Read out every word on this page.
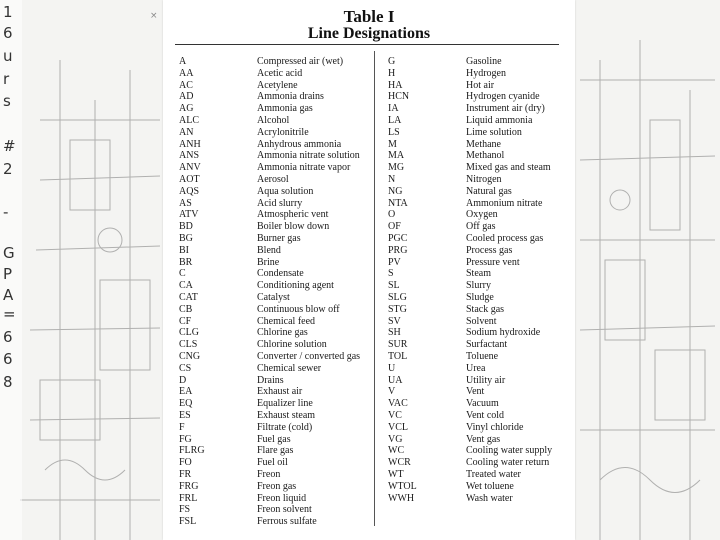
1
6
u
r
s
#
2
-
G
P
A
=
6
6
8
×	Table I
Line Designations
A	Compressed air (wet)
AA	Acetic acid
AC	Acetylene
AD	Ammonia drains
AG	Ammonia gas
ALC	Alcohol
AN	Acrylonitrile
ANH	Anhydrous ammonia
ANS	Ammonia nitrate solution
ANV	Ammonia nitrate vapor
AOT	Aerosol
AQS	Aqua solution
AS	Acid slurry
ATV	Atmospheric vent
BD	Boiler blow down
BG	Burner gas
BI	Blend
BR	Brine
C	Condensate
CA	Conditioning agent
CAT	Catalyst
CB	Continuous blow off
CF	Chemical feed
CLG	Chlorine gas
CLS	Chlorine solution
CNG	Converter / converted gas
CS	Chemical sewer
D	Drains
EA	Exhaust air
EQ	Equalizer line
ES	Exhaust steam
F	Filtrate (cold)
FG	Fuel gas
FLRG	Flare gas
FO	Fuel oil
FR	Freon
FRG	Freon gas
FRL	Freon liquid
FS	Freon solvent
FSL	Ferrous sulfate
G	Gasoline
H	Hydrogen
HA	Hot air
HCN	Hydrogen cyanide
IA	Instrument air (dry)
LA	Liquid ammonia
LS	Lime solution
M	Methane
MA	Methanol
MG	Mixed gas and steam
N	Nitrogen
NG	Natural gas
NTA	Ammonium nitrate
O	Oxygen
OF	Off gas
PGC	Cooled process gas
PRG	Process gas
PV	Pressure vent
S	Steam
SL	Slurry
SLG	Sludge
STG	Stack gas
SV	Solvent
SH	Sodium hydroxide
SUR	Surfactant
TOL	Toluene
U	Urea
UA	Utility air
V	Vent
VAC	Vacuum
VC	Vent cold
VCL	Vinyl chloride
VG	Vent gas
WC	Cooling water supply
WCR	Cooling water return
WT	Treated water
WTOL	Wet toluene
WWH	Wash water
